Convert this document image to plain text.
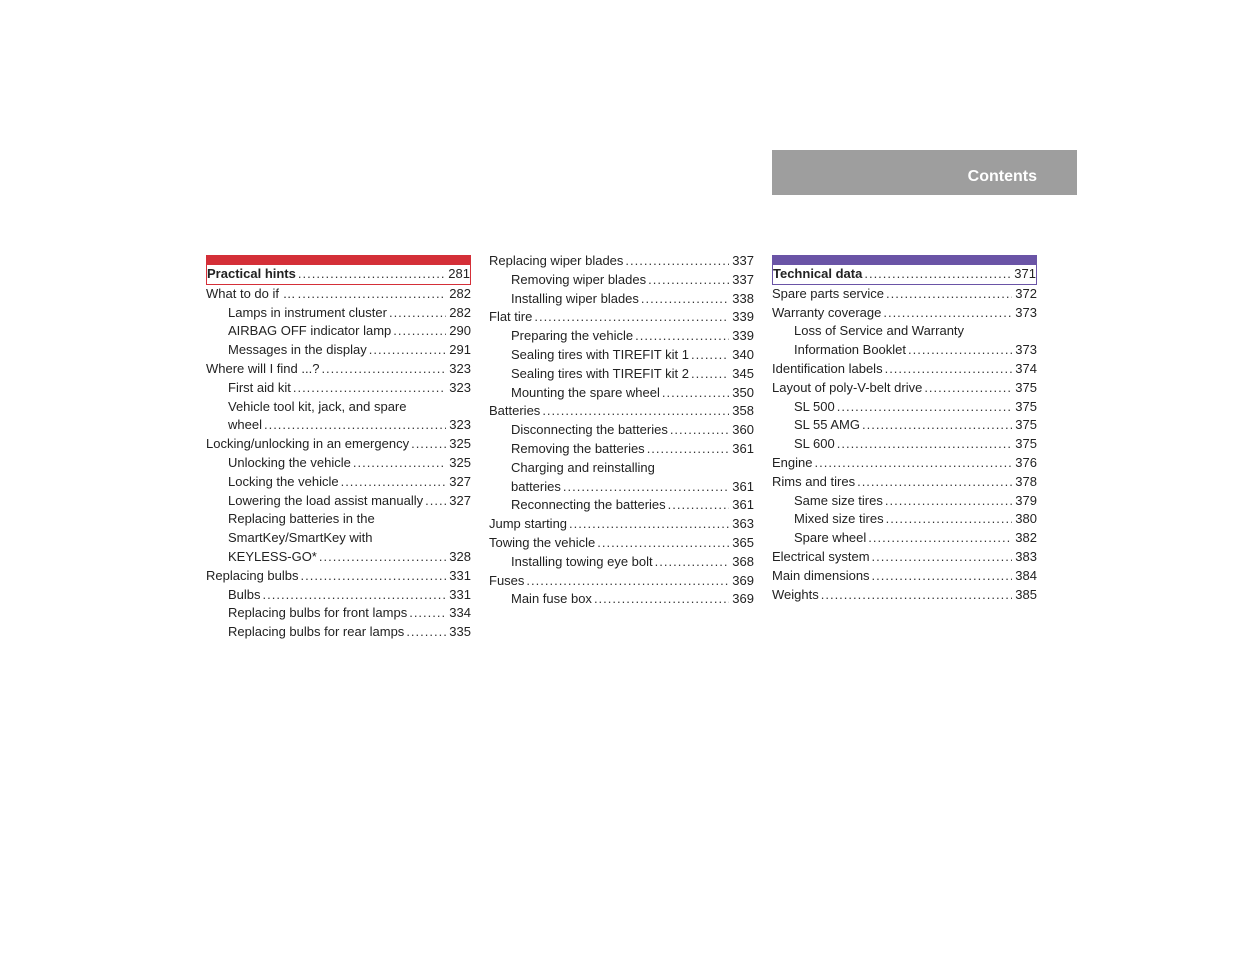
Contents
Practical hints .....	281
What to do if … .....	282
Lamps in instrument cluster .....	282
AIRBAG OFF indicator lamp .....	290
Messages in the display .....	291
Where will I find ...? .....	323
First aid kit .....	323
Vehicle tool kit, jack, and spare
wheel .....	323
Locking/unlocking in an emergency .....	325
Unlocking the vehicle .....	325
Locking the vehicle .....	327
Lowering the load assist manually ..... 327
Replacing batteries in the
SmartKey/SmartKey with
KEYLESS-GO* .....	328
Replacing bulbs .....	331
Bulbs .....	331
Replacing bulbs for front lamps .....	334
Replacing bulbs for rear lamps .....	335
Replacing wiper blades .....	337
Removing wiper blades .....	337
Installing wiper blades .....	338
Flat tire .....	339
Preparing the vehicle .....	339
Sealing tires with TIREFIT kit 1 .....	340
Sealing tires with TIREFIT kit 2 .....	345
Mounting the spare wheel .....	350
Batteries .....	358
Disconnecting the batteries .....	360
Removing the batteries .....	361
Charging and reinstalling
batteries .....	361
Reconnecting the batteries .....	361
Jump starting .....	363
Towing the vehicle .....	365
Installing towing eye bolt .....	368
Fuses .....	369
Main fuse box .....	369
Technical data .....	371
Spare parts service .....	372
Warranty coverage .....	373
Loss of Service and Warranty
Information Booklet .....	373
Identification labels .....	374
Layout of poly-V-belt drive .....	375
SL 500 .....	375
SL 55 AMG .....	375
SL 600 .....	375
Engine .....	376
Rims and tires .....	378
Same size tires .....	379
Mixed size tires .....	380
Spare wheel .....	382
Electrical system .....	383
Main dimensions .....	384
Weights .....	385
